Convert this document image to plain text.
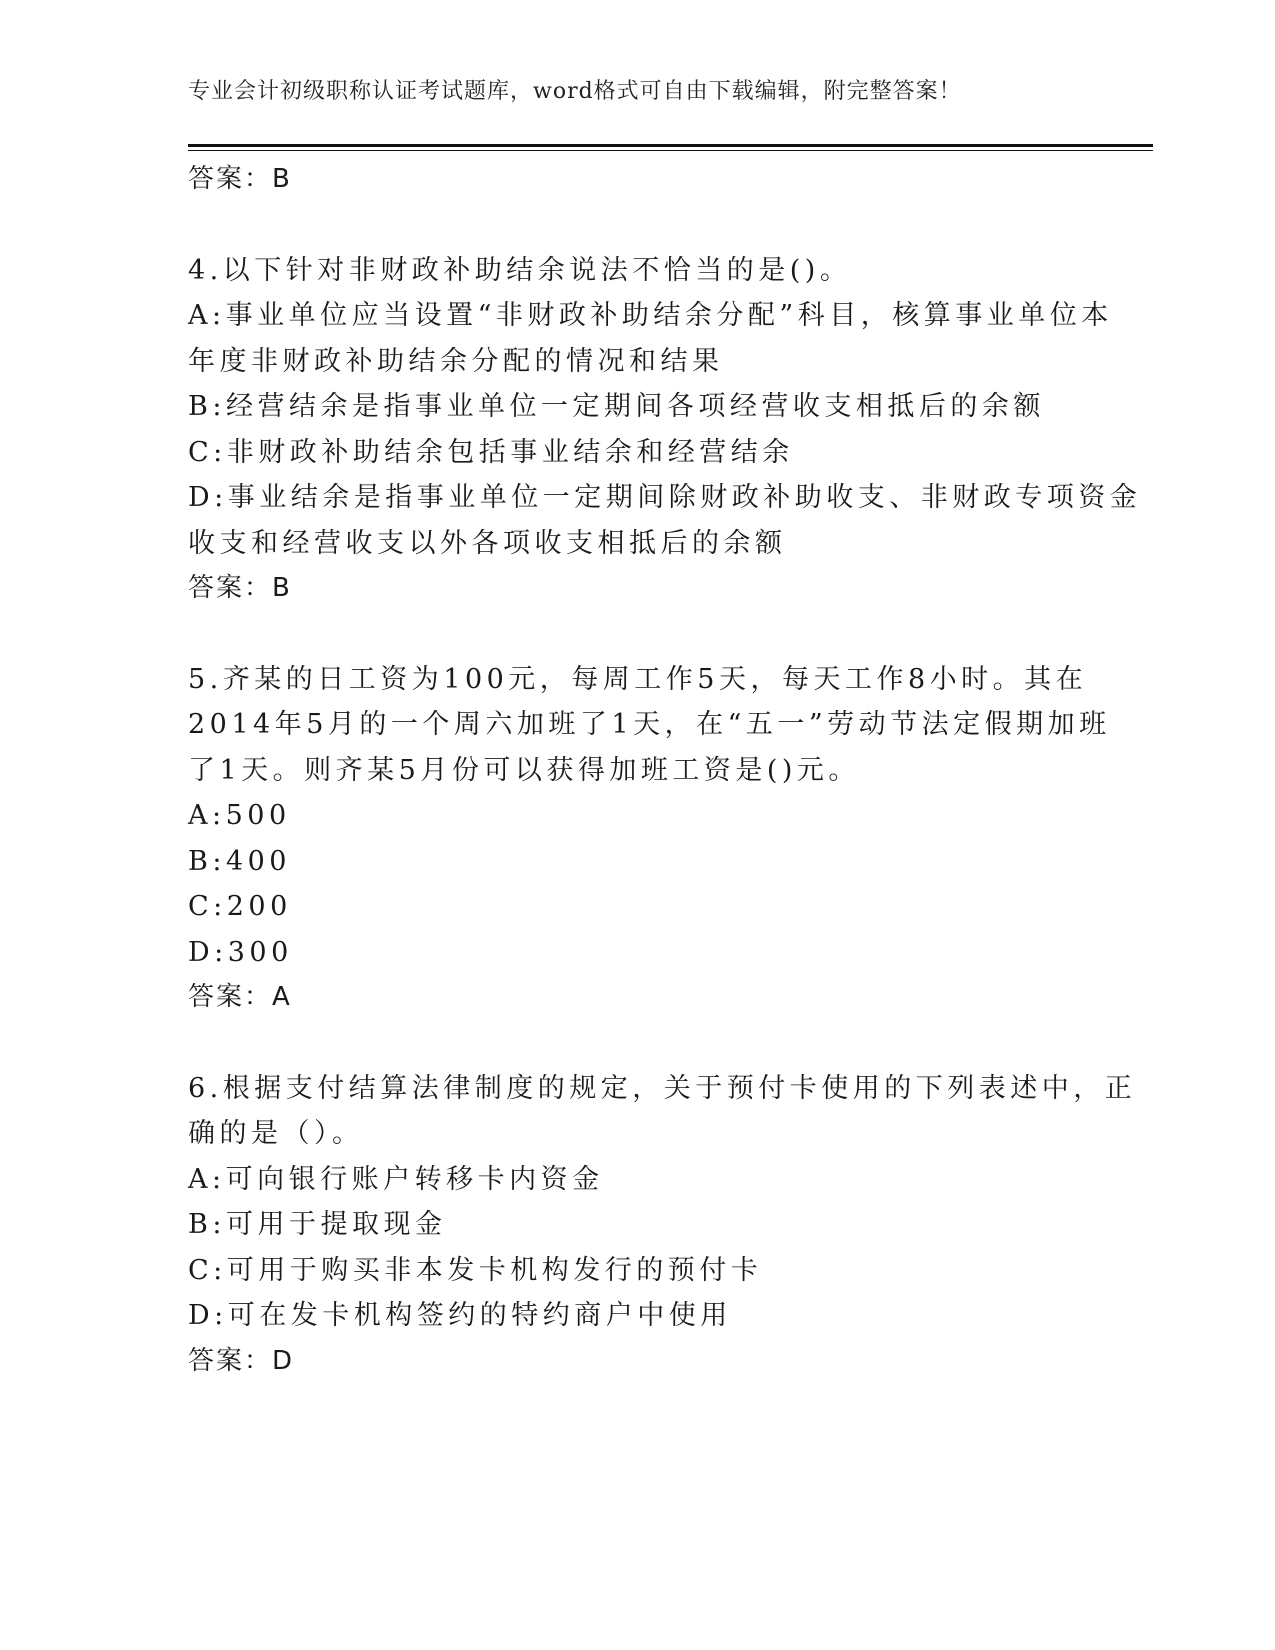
专业会计初级职称认证考试题库，word格式可自由下载编辑，附完整答案！
答案：B
4.以下针对非财政补助结余说法不恰当的是()。
A:事业单位应当设置“非财政补助结余分配”科目，核算事业单位本
年度非财政补助结余分配的情况和结果
B:经营结余是指事业单位一定期间各项经营收支相抵后的余额
C:非财政补助结余包括事业结余和经营结余
D:事业结余是指事业单位一定期间除财政补助收支、非财政专项资金
收支和经营收支以外各项收支相抵后的余额
答案：B
5.齐某的日工资为100元，每周工作5天，每天工作8小时。其在
2014年5月的一个周六加班了1天，在“五一”劳动节法定假期加班
了1天。则齐某5月份可以获得加班工资是()元。
A:500
B:400
C:200
D:300
答案：A
6.根据支付结算法律制度的规定，关于预付卡使用的下列表述中，正
确的是（）。
A:可向银行账户转移卡内资金
B:可用于提取现金
C:可用于购买非本发卡机构发行的预付卡
D:可在发卡机构签约的特约商户中使用
答案：D
